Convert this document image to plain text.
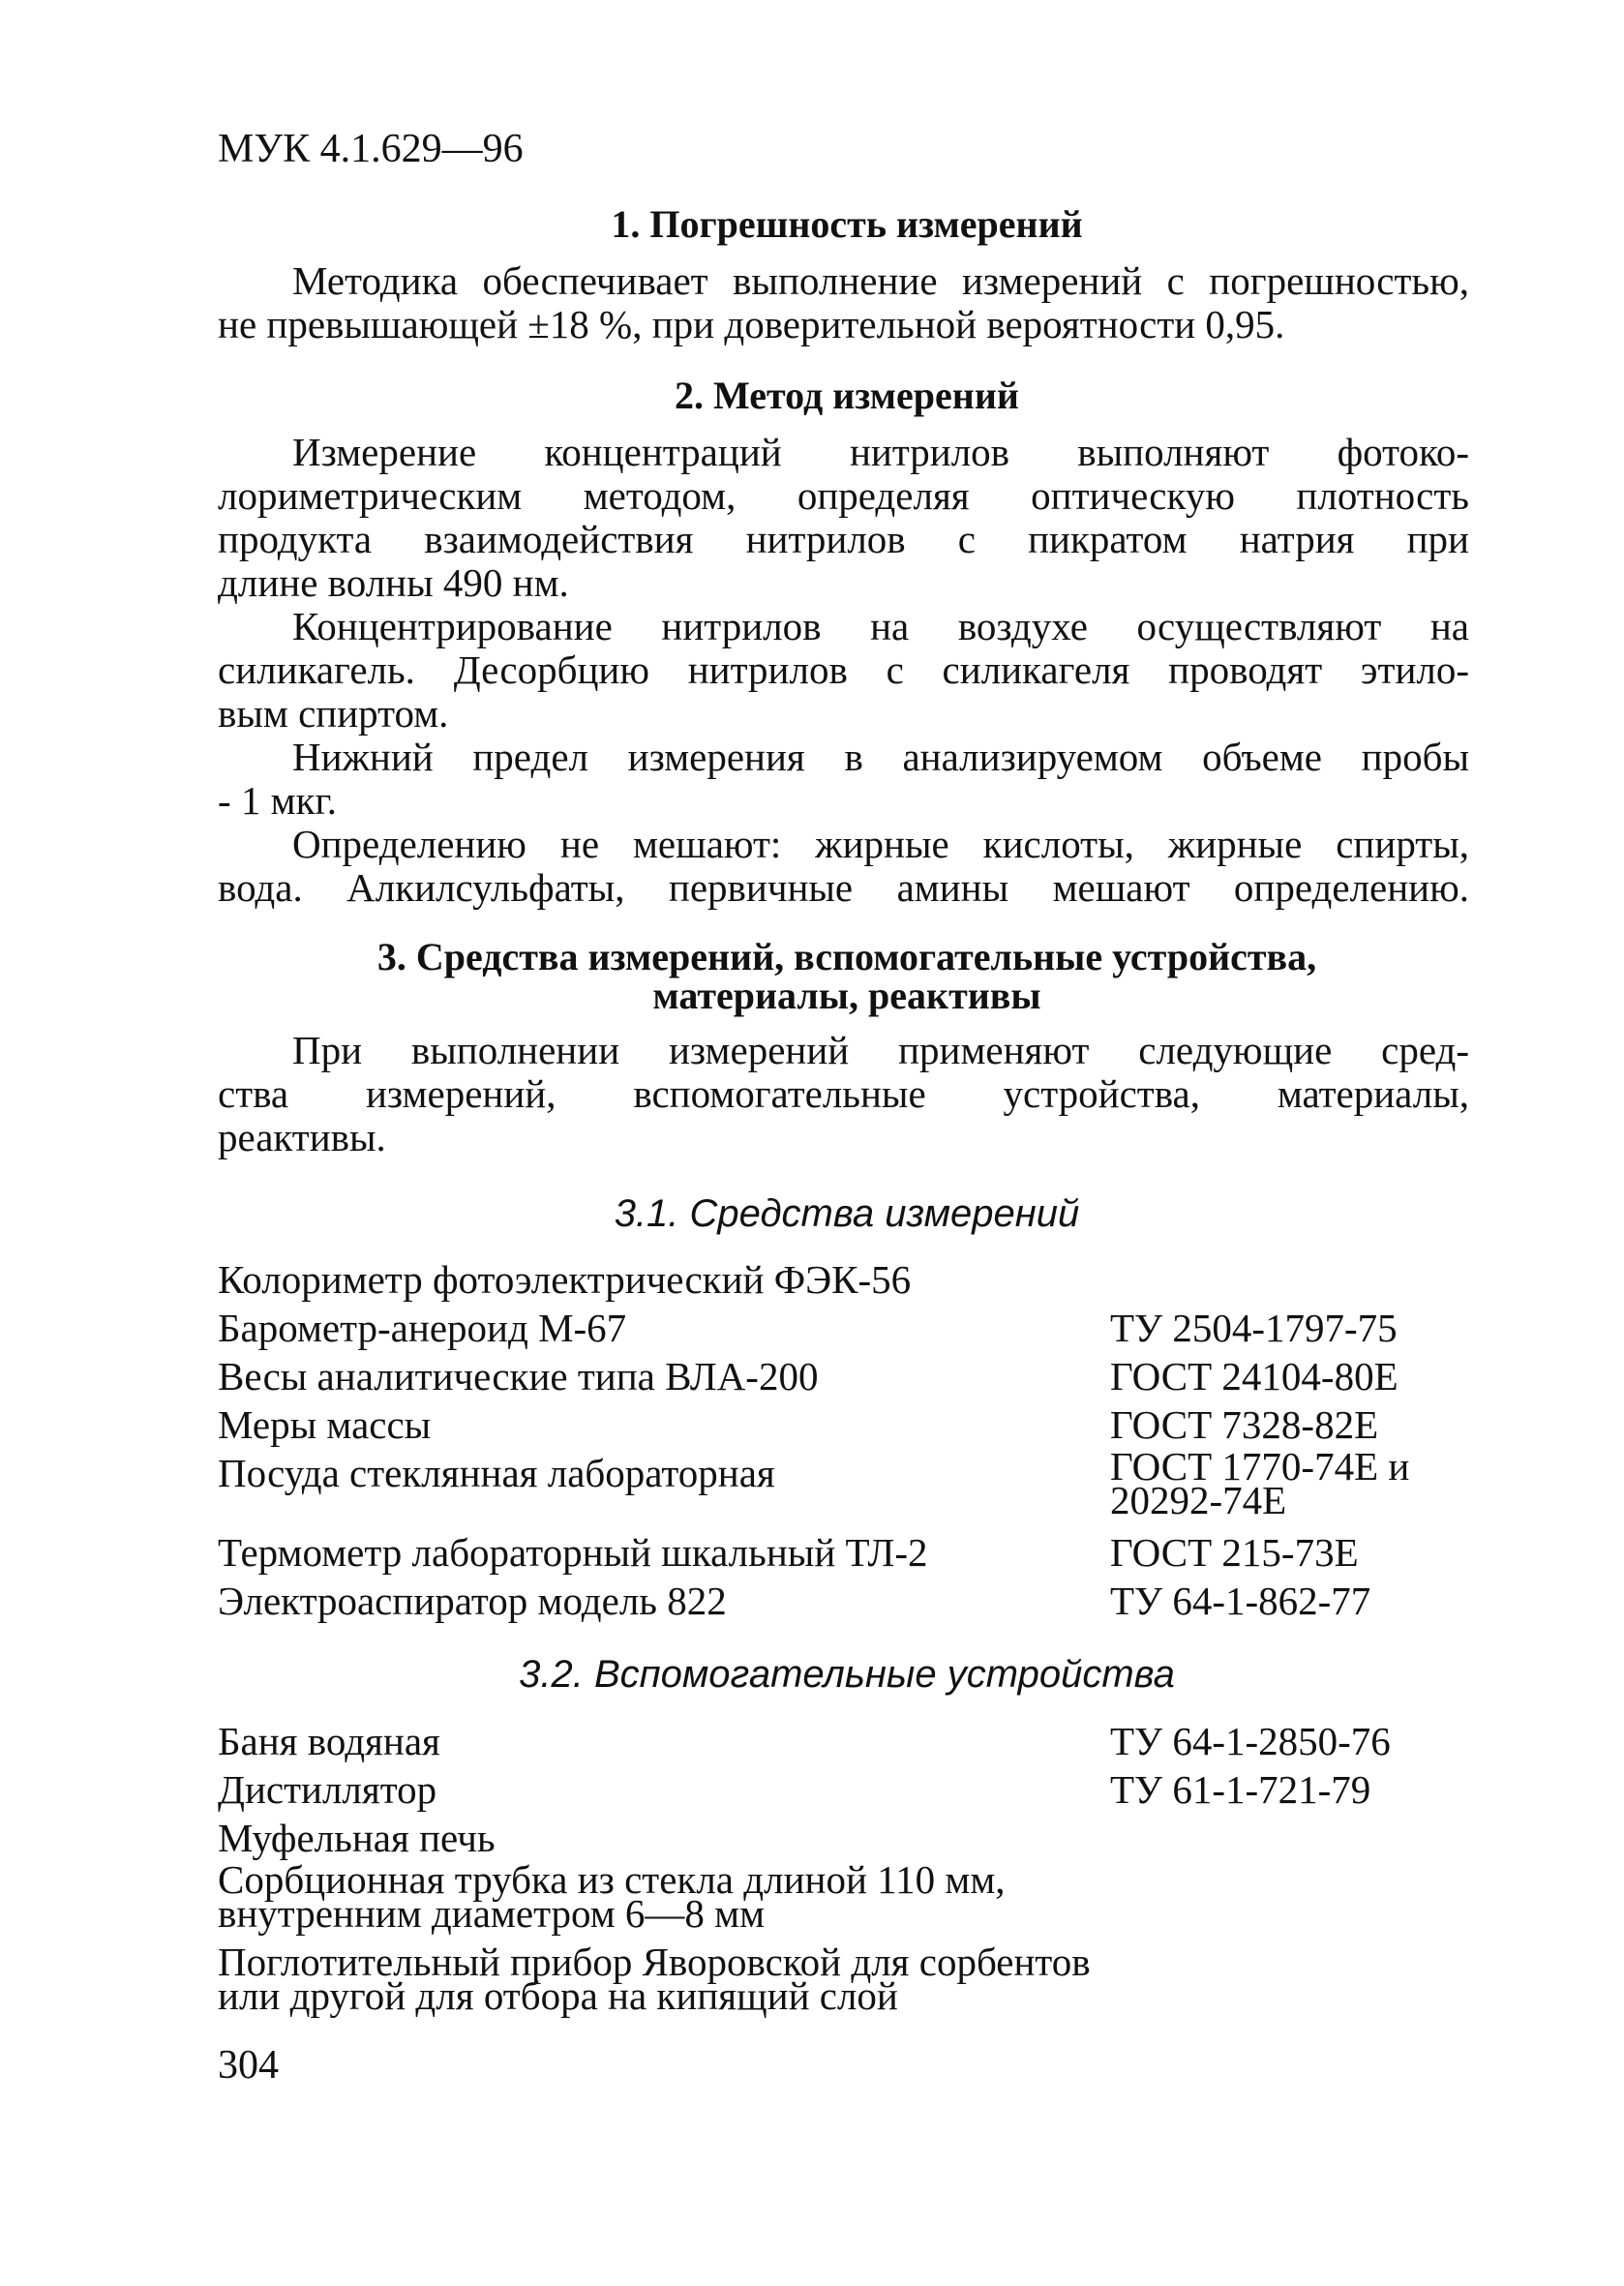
МУК 4.1.629—96
1. Погрешность измерений
Методика обеспечивает выполнение измерений с погрешностью,
не превышающей ±18 %, при доверительной вероятности 0,95.
2. Метод измерений
Измерение концентраций нитрилов выполняют фотоко-
лориметрическим методом, определяя оптическую плотность
продукта взаимодействия нитрилов с пикратом натрия при
длине волны 490 нм.
Концентрирование нитрилов на воздухе осуществляют на
силикагель. Десорбцию нитрилов с силикагеля проводят этило-
вым спиртом.
Нижний предел измерения в анализируемом объеме пробы
- 1 мкг.
Определению не мешают: жирные кислоты, жирные спирты,
вода. Алкилсульфаты, первичные амины мешают определению.
3. Средства измерений, вспомогательные устройства,
материалы, реактивы
При выполнении измерений применяют следующие сред-
ства измерений, вспомогательные устройства, материалы,
реактивы.
3.1. Средства измерений
Колориметр фотоэлектрический ФЭК-56
Барометр-анероид М-67	ТУ 2504-1797-75
Весы аналитические типа ВЛА-200	ГОСТ 24104-80Е
Меры массы	ГОСТ 7328-82Е
Посуда стеклянная лабораторная	ГОСТ 1770-74Е и 20292-74Е
Термометр лабораторный шкальный ТЛ-2	ГОСТ 215-73Е
Электроаспиратор модель 822	ТУ 64-1-862-77
3.2. Вспомогательные устройства
Баня водяная	ТУ 64-1-2850-76
Дистиллятор	ТУ 61-1-721-79
Муфельная печь
Сорбционная трубка из стекла длиной 110 мм, внутренним диаметром 6—8 мм
Поглотительный прибор Яворовской для сорбентов или другой для отбора на кипящий слой
304
